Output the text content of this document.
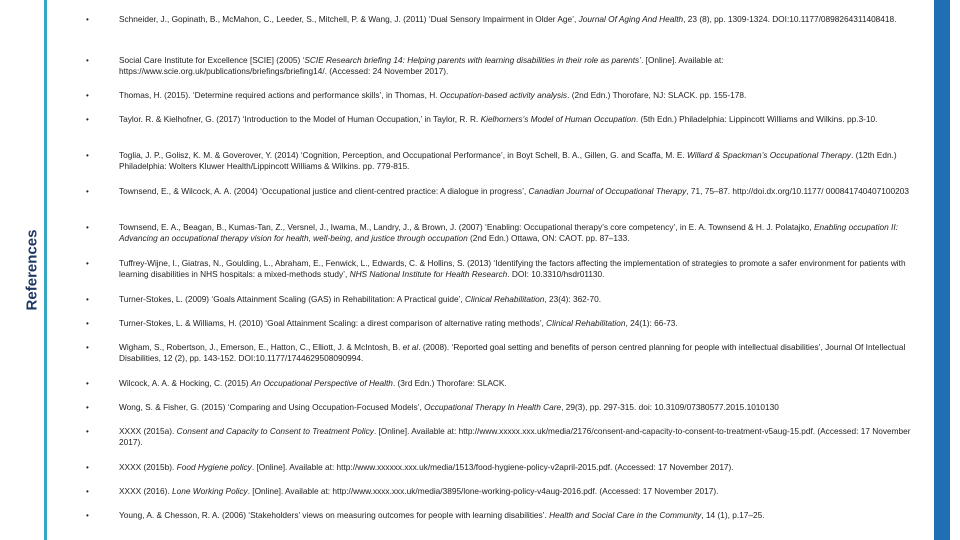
References
•	Schneider, J., Gopinath, B., McMahon, C., Leeder, S., Mitchell, P. & Wang, J. (2011) ‘Dual Sensory Impairment in Older Age’, Journal Of Aging And Health, 23 (8), pp. 1309-1324. DOI:10.1177/0898264311408418.
•	Social Care Institute for Excellence [SCIE] (2005) ‘SCIE Research briefing 14: Helping parents with learning disabilities in their role as parents’. [Online]. Available at: https://www.scie.org.uk/publications/briefings/briefing14/. (Accessed: 24 November 2017).
•	Thomas, H. (2015). ‘Determine required actions and performance skills’, in Thomas, H. Occupation-based activity analysis. (2nd Edn.) Thorofare, NJ: SLACK. pp. 155-178.
•	Taylor. R. & Kielhofner, G. (2017) ‘Introduction to the Model of Human Occupation,’ in Taylor, R. R. Kielhorners’s Model of Human Occupation. (5th Edn.) Philadelphia: Lippincott Williams and Wilkins. pp.3-10.
•	Toglia, J. P., Golisz, K. M. & Goverover, Y. (2014) ‘Cognition, Perception, and Occupational Performance’, in Boyt Schell, B. A., Gillen, G. and Scaffa, M. E. Willard & Spackman’s Occupational Therapy. (12th Edn.) Philadelphia: Wolters Kluwer Health/Lippincott Williams & Wilkins. pp. 779-815.
•	Townsend, E., & Wilcock, A. A. (2004) ‘Occupational justice and client-centred practice: A dialogue in progress’, Canadian Journal of Occupational Therapy, 71, 75–87. http://doi.dx.org/10.1177/ 000841740407100203
•	Townsend, E. A., Beagan, B., Kumas-Tan, Z., Versnel, J., Iwama, M., Landry, J., & Brown, J. (2007) ‘Enabling: Occupational therapy’s core competency’, in E. A. Townsend & H. J. Polatajko, Enabling occupation II: Advancing an occupational therapy vision for health, well-being, and justice through occupation (2nd Edn.) Ottawa, ON: CAOT. pp. 87–133.
•	Tuffrey-Wijne, I., Giatras, N., Goulding, L., Abraham, E., Fenwick, L., Edwards, C. & Hollins, S. (2013) ‘Identifying the factors affecting the implementation of strategies to promote a safer environment for patients with learning disabilities in NHS hospitals: a mixed-methods study’, NHS National Institute for Health Research. DOI: 10.3310/hsdr01130.
•	Turner-Stokes, L. (2009) ‘Goals Attainment Scaling (GAS) in Rehabilitation: A Practical guide’, Clinical Rehabilitation, 23(4): 362-70.
•	Turner-Stokes, L. & Williams, H. (2010) ‘Goal Attainment Scaling: a direst comparison of alternative rating methods’, Clinical Rehabilitation, 24(1): 66-73.
•	Wigham, S., Robertson, J., Emerson, E., Hatton, C., Elliott, J. & McIntosh, B. et al. (2008). ‘Reported goal setting and benefits of person centred planning for people with intellectual disabilities’, Journal Of Intellectual Disabilities, 12 (2), pp. 143-152. DOI:10.1177/1744629508090994.
•	Wilcock, A. A. & Hocking, C. (2015) An Occupational Perspective of Health. (3rd Edn.) Thorofare: SLACK.
•	Wong, S. & Fisher, G. (2015) ‘Comparing and Using Occupation-Focused Models’, Occupational Therapy In Health Care, 29(3), pp. 297-315. doi: 10.3109/07380577.2015.1010130
•	XXXX (2015a). Consent and Capacity to Consent to Treatment Policy. [Online]. Available at: http://www.xxxxx.xxx.uk/media/2176/consent-and-capacity-to-consent-to-treatment-v5aug-15.pdf. (Accessed: 17 November 2017).
•	XXXX (2015b). Food Hygiene policy. [Online]. Available at: http://www.xxxxxx.xxx.uk/media/1513/food-hygiene-policy-v2april-2015.pdf. (Accessed: 17 November 2017).
•	XXXX (2016). Lone Working Policy. [Online]. Available at: http://www.xxxx.xxx.uk/media/3895/lone-working-policy-v4aug-2016.pdf. (Accessed: 17 November 2017).
•	Young, A. & Chesson, R. A. (2006) ‘Stakeholders’ views on measuring outcomes for people with learning disabilities’. Health and Social Care in the Community, 14 (1), p.17–25.
